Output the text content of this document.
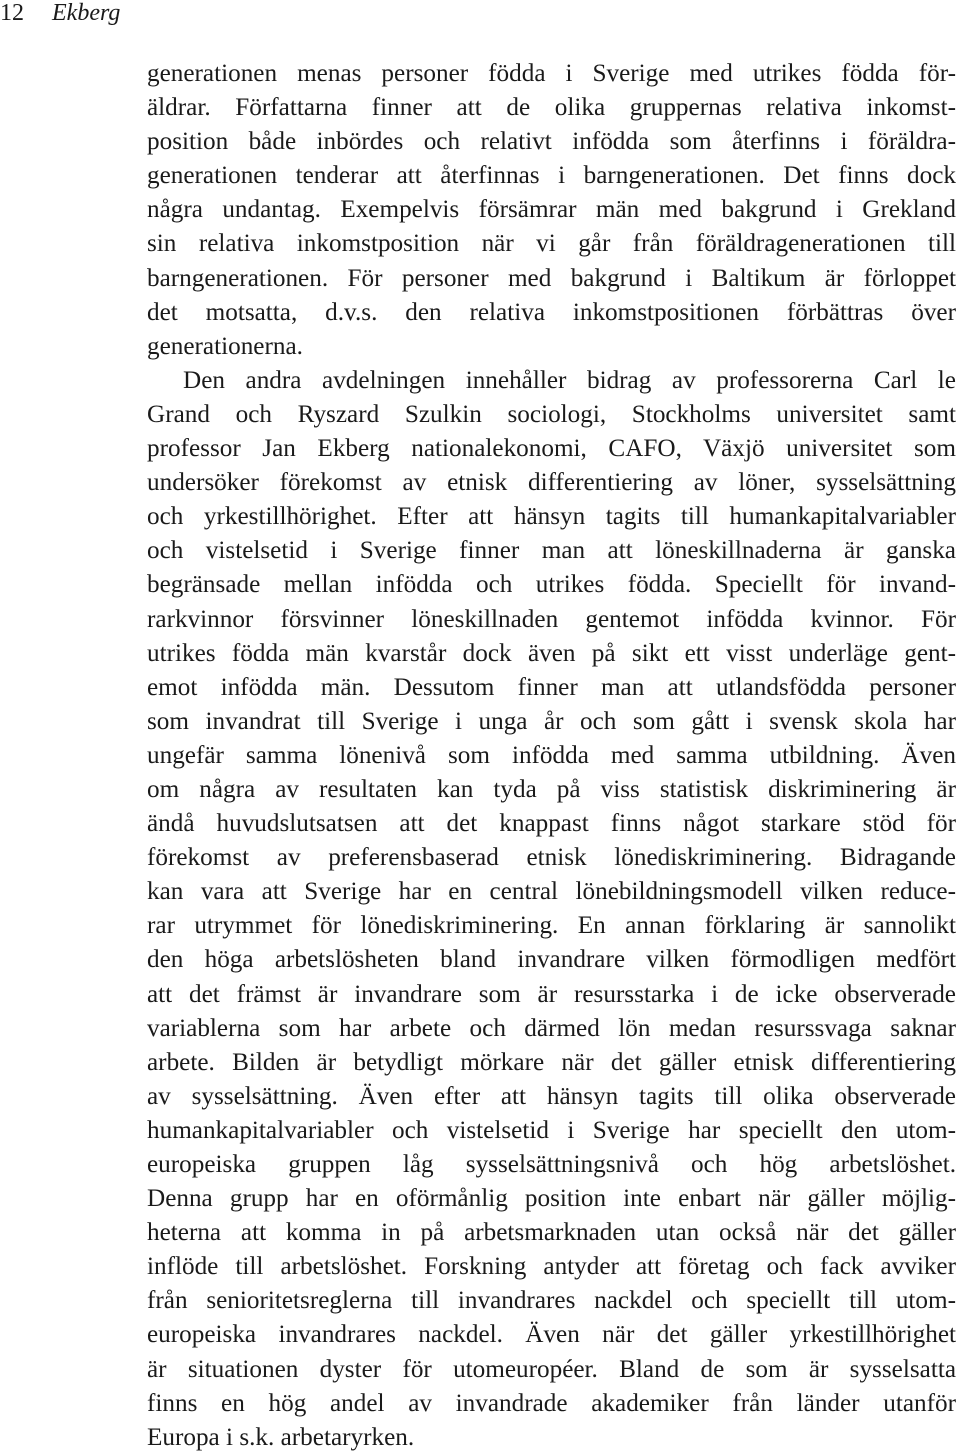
12 Ekberg
generationen menas personer födda i Sverige med utrikes födda för-
äldrar. Författarna finner att de olika gruppernas relativa inkomst-
position både inbördes och relativt infödda som återfinns i föräldra-
generationen tenderar att återfinnas i barngenerationen. Det finns dock
några undantag. Exempelvis försämrar män med bakgrund i Grekland
sin relativa inkomstposition när vi går från föräldragenerationen till
barngenerationen. För personer med bakgrund i Baltikum är förloppet
det motsatta, d.v.s. den relativa inkomstpositionen förbättras över
generationerna.
Den andra avdelningen innehåller bidrag av professorerna Carl le
Grand och Ryszard Szulkin sociologi, Stockholms universitet samt
professor Jan Ekberg nationalekonomi, CAFO, Växjö universitet som
undersöker förekomst av etnisk differentiering av löner, sysselsättning
och yrkestillhörighet. Efter att hänsyn tagits till humankapitalvariabler
och vistelsetid i Sverige finner man att löneskillnaderna är ganska
begränsade mellan infödda och utrikes födda. Speciellt för invand-
rarkvinnor försvinner löneskillnaden gentemot infödda kvinnor. För
utrikes födda män kvarstår dock även på sikt ett visst underläge gent-
emot infödda män. Dessutom finner man att utlandsfödda personer
som invandrat till Sverige i unga år och som gått i svensk skola har
ungefär samma lönenivå som infödda med samma utbildning. Även
om några av resultaten kan tyda på viss statistisk diskriminering är
ändå huvudslutsatsen att det knappast finns något starkare stöd för
förekomst av preferensbaserad etnisk lönediskriminering. Bidragande
kan vara att Sverige har en central lönebildningsmodell vilken reduce-
rar utrymmet för lönediskriminering. En annan förklaring är sannolikt
den höga arbetslösheten bland invandrare vilken förmodligen medfört
att det främst är invandrare som är resursstarka i de icke observerade
variablerna som har arbete och därmed lön medan resurssvaga saknar
arbete. Bilden är betydligt mörkare när det gäller etnisk differentiering
av sysselsättning. Även efter att hänsyn tagits till olika observerade
humankapitalvariabler och vistelsetid i Sverige har speciellt den utom-
europeiska gruppen låg sysselsättningsnivå och hög arbetslöshet.
Denna grupp har en oförmånlig position inte enbart när gäller möjlig-
heterna att komma in på arbetsmarknaden utan också när det gäller
inflöde till arbetslöshet. Forskning antyder att företag och fack avviker
från senioritetsreglerna till invandrares nackdel och speciellt till utom-
europeiska invandrares nackdel. Även när det gäller yrkestillhörighet
är situationen dyster för utomeuropéer. Bland de som är sysselsatta
finns en hög andel av invandrade akademiker från länder utanför
Europa i s.k. arbetaryrken.
